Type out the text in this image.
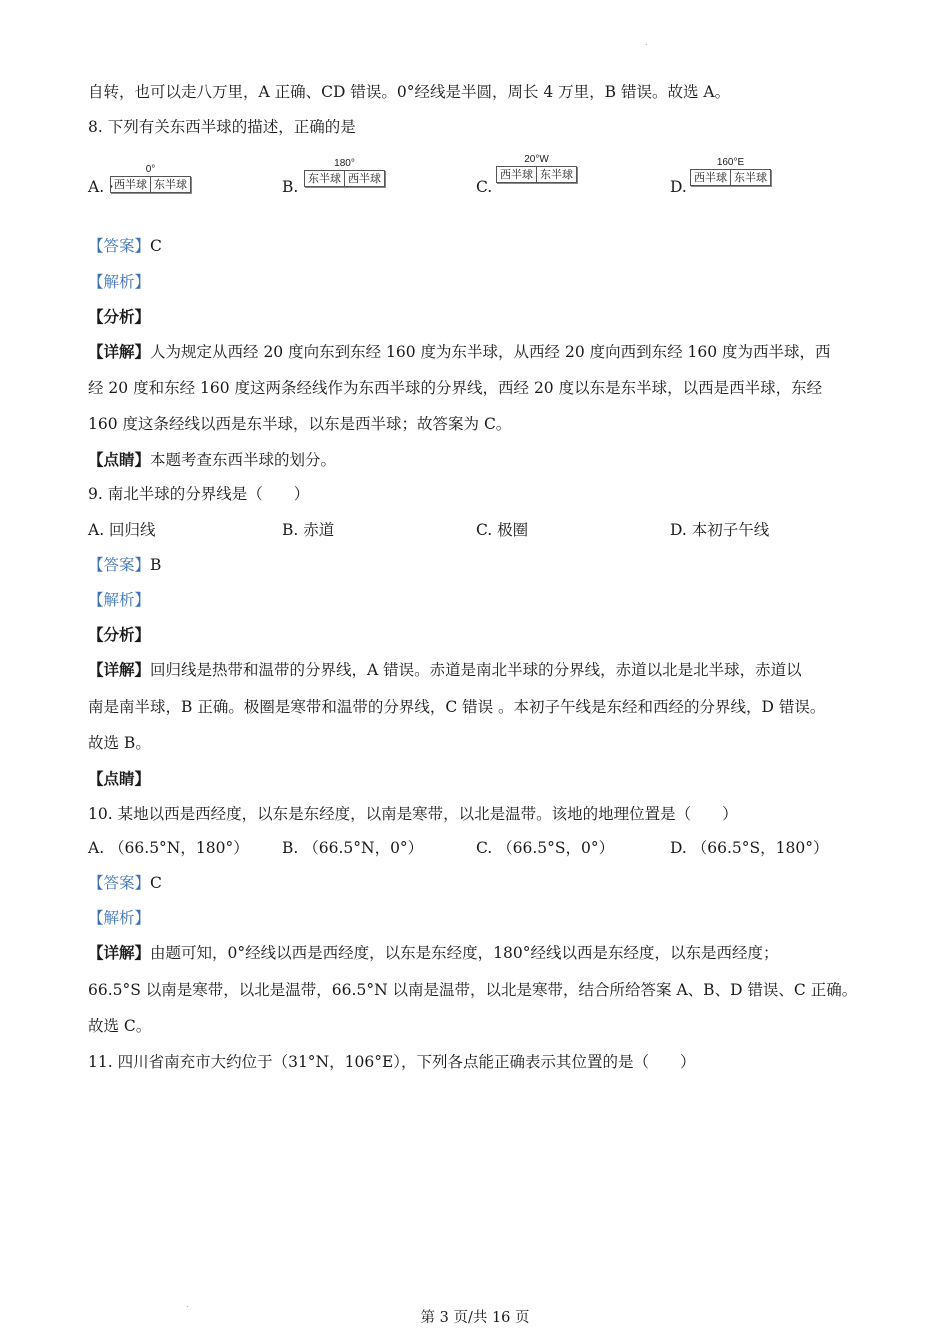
自转，也可以走八万里，A 正确、CD 错误。0°经线是半圆，周长 4 万里，B 错误。故选 A。
8. 下列有关东西半球的描述，正确的是
A. ·
0°
西半球 东半球	B.
180°
东半球 西半球	C.
20°W
西半球 东半球
D.
160°E
西半球 东半球
【答案】C
【解析】
【分析】
【详解】人为规定从西经 20 度向东到东经 160 度为东半球，从西经 20 度向西到东经 160 度为西半球，西
经 20 度和东经 160 度这两条经线作为东西半球的分界线，西经 20 度以东是东半球，以西是西半球，东经
160 度这条经线以西是东半球，以东是西半球；故答案为 C。
【点睛】本题考查东西半球的划分。
9. 南北半球的分界线是（　　）
A. 回归线	B. 赤道	C. 极圈	D. 本初子午线
【答案】B
【解析】
【分析】
【详解】回归线是热带和温带的分界线，A 错误。赤道是南北半球的分界线，赤道以北是北半球，赤道以
南是南半球，B 正确。极圈是寒带和温带的分界线，C 错误 。本初子午线是东经和西经的分界线，D 错误。
故选 B。
【点睛】
10. 某地以西是西经度，以东是东经度，以南是寒带，以北是温带。该地的地理位置是（　　）
A. （66.5°N，180°） B. （66.5°N，0°）	C. （66.5°S，0°）	D. （66.5°S，180°）
【答案】C
【解析】
【详解】由题可知，0°经线以西是西经度，以东是东经度，180°经线以西是东经度，以东是西经度；
66.5°S 以南是寒带，以北是温带，66.5°N 以南是温带，以北是寒带，结合所给答案 A、B、D 错误、C 正确。
故选 C。
11. 四川省南充市大约位于（31°N，106°E），下列各点能正确表示其位置的是（　　）
第 3 页/共 16 页
.
.
